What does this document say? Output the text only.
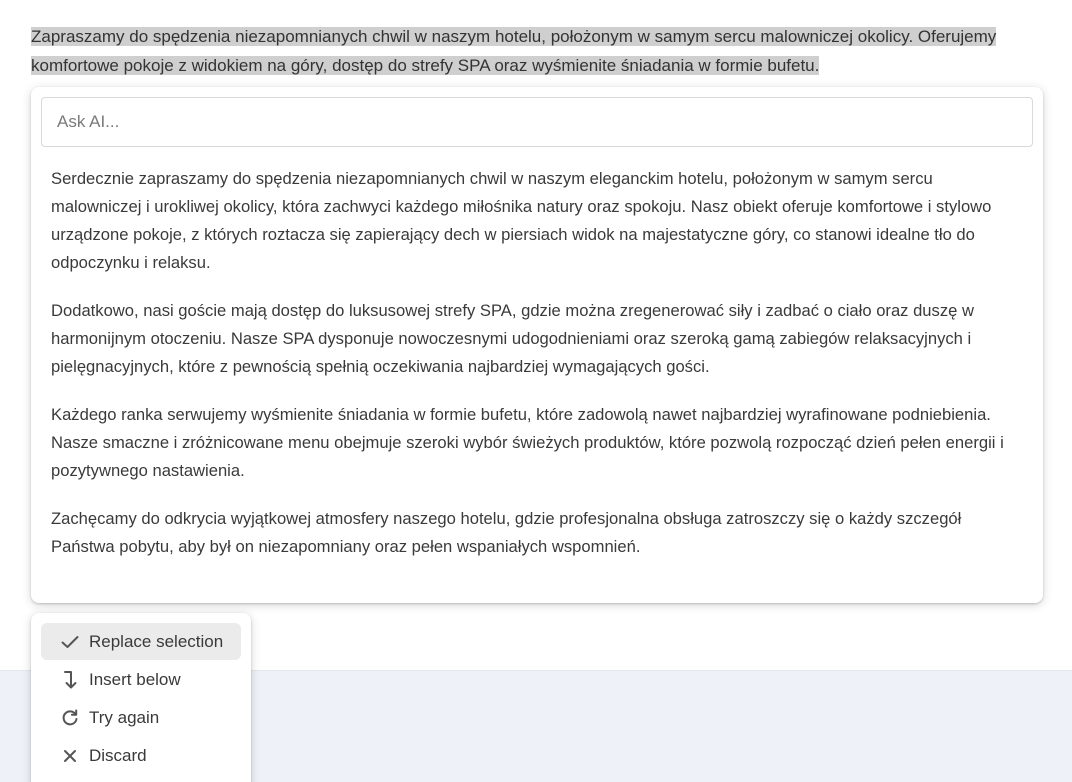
Zapraszamy do spędzenia niezapomnianych chwil w naszym hotelu, położonym w samym sercu malowniczej okolicy. Oferujemy komfortowe pokoje z widokiem na góry, dostęp do strefy SPA oraz wyśmienite śniadania w formie bufetu.
Ask AI...

Serdecznie zapraszamy do spędzenia niezapomnianych chwil w naszym eleganckim hotelu, położonym w samym sercu malowniczej i urokliwej okolicy, która zachwyci każdego miłośnika natury oraz spokoju. Nasz obiekt oferuje komfortowe i stylowo urządzone pokoje, z których roztacza się zapierający dech w piersiach widok na majestatyczne góry, co stanowi idealne tło do odpoczynku i relaksu.

Dodatkowo, nasi goście mają dostęp do luksusowej strefy SPA, gdzie można zregenerować siły i zadbać o ciało oraz duszę w harmonijnym otoczeniu. Nasze SPA dysponuje nowoczesnymi udogodnieniami oraz szeroką gamą zabiegów relaksacyjnych i pielęgnacyjnych, które z pewnością spełnią oczekiwania najbardziej wymagających gości.

Każdego ranka serwujemy wyśmienite śniadania w formie bufetu, które zadowolą nawet najbardziej wyrafinowane podniebienia. Nasze smaczne i zróżnicowane menu obejmuje szeroki wybór świeżych produktów, które pozwolą rozpocząć dzień pełen energii i pozytywnego nastawienia.

Zachęcamy do odkrycia wyjątkowej atmosfery naszego hotelu, gdzie profesjonalna obsługa zatroszczy się o każdy szczegół Państwa pobytu, aby był on niezapomniany oraz pełen wspaniałych wspomnień.

Replace selection
Insert below
Try again
Discard
